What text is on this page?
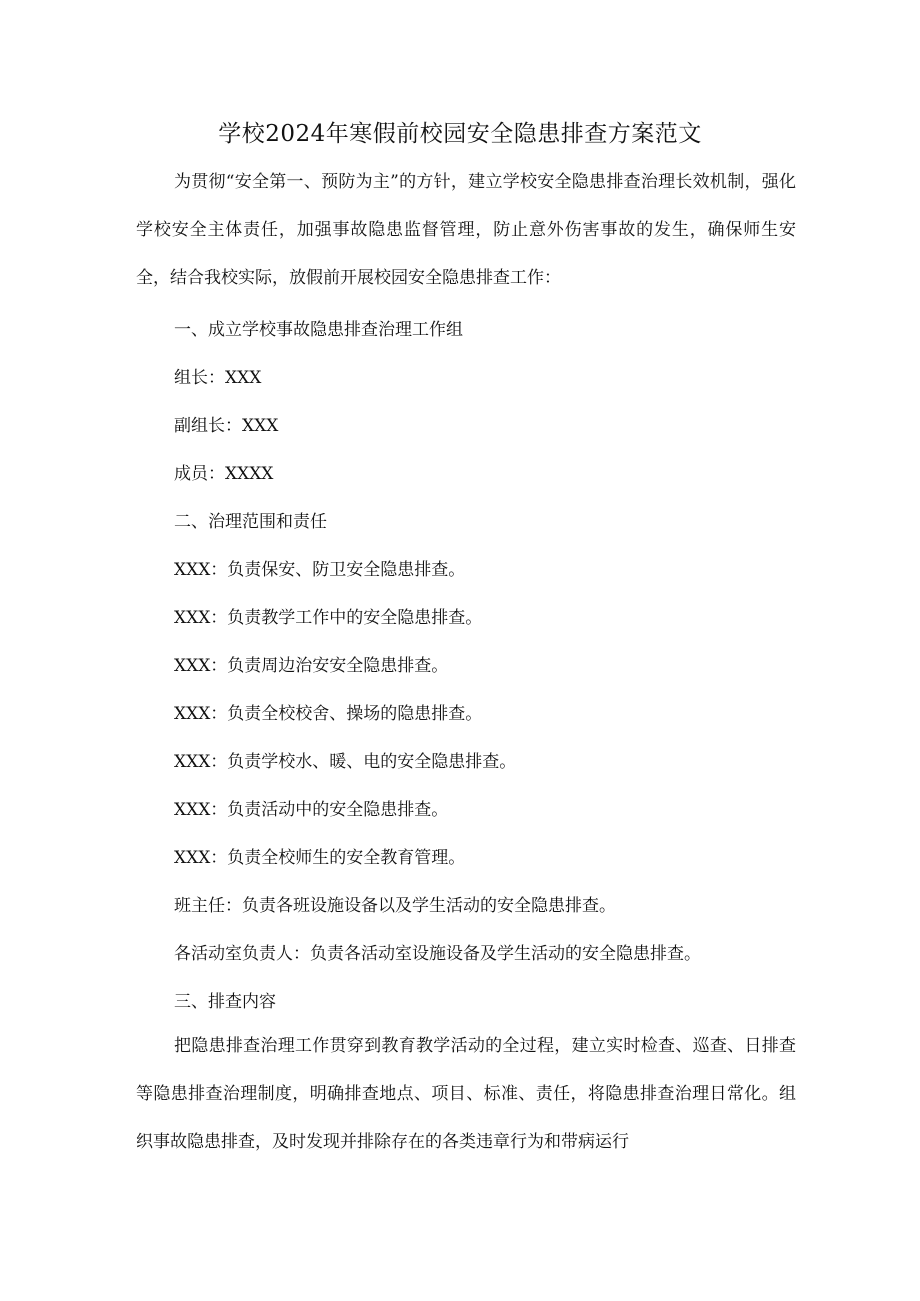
学校2024年寒假前校园安全隐患排查方案范文

为贯彻“安全第一、预防为主”的方针，建立学校安全隐患排查治理长效机制，强化学校安全主体责任，加强事故隐患监督管理，防止意外伤害事故的发生，确保师生安全，结合我校实际，放假前开展校园安全隐患排查工作：

一、成立学校事故隐患排查治理工作组
组长：XXX
副组长：XXX
成员：XXXX
二、治理范围和责任
XXX：负责保安、防卫安全隐患排查。
XXX：负责教学工作中的安全隐患排查。
XXX：负责周边治安安全隐患排查。
XXX：负责全校校舍、操场的隐患排查。
XXX：负责学校水、暖、电的安全隐患排查。
XXX：负责活动中的安全隐患排查。
XXX：负责全校师生的安全教育管理。
班主任：负责各班设施设备以及学生活动的安全隐患排查。
各活动室负责人：负责各活动室设施设备及学生活动的安全隐患排查。
三、排查内容

把隐患排查治理工作贯穿到教育教学活动的全过程，建立实时检查、巡查、日排查等隐患排查治理制度，明确排查地点、项目、标准、责任，将隐患排查治理日常化。组织事故隐患排查，及时发现并排除存在的各类违章行为和带病运行
